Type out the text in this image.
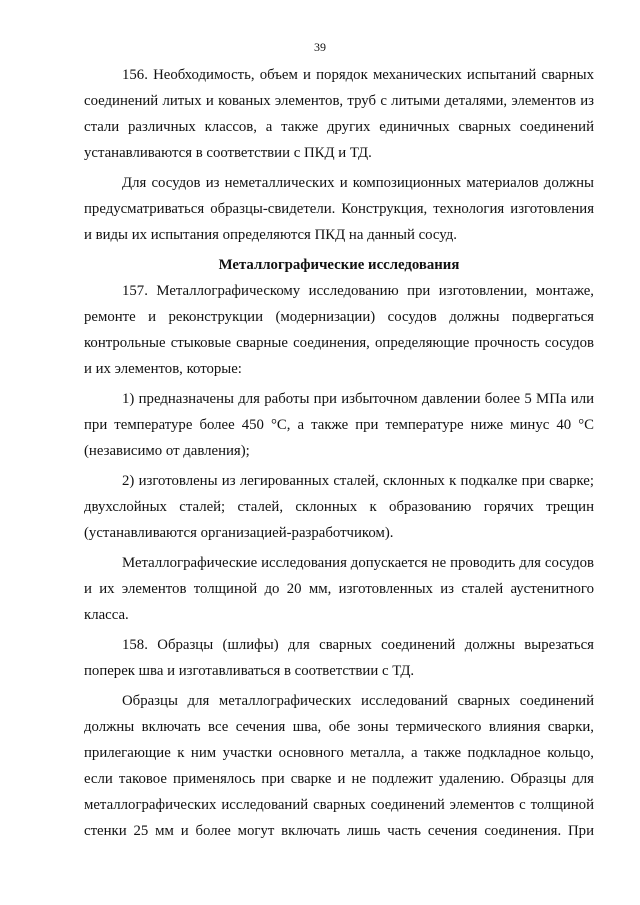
39
156. Необходимость, объем и порядок механических испытаний сварных
соединений литых и кованых элементов, труб с литыми деталями, элементов из
стали различных классов, а также других единичных сварных соединений
устанавливаются в соответствии с ПКД и ТД.
Для сосудов из неметаллических и композиционных материалов должны
предусматриваться образцы-свидетели. Конструкция, технология изготовления
и виды их испытания определяются ПКД на данный сосуд.
Металлографические исследования
157. Металлографическому исследованию при изготовлении, монтаже,
ремонте и реконструкции (модернизации) сосудов должны подвергаться
контрольные стыковые сварные соединения, определяющие прочность сосудов
и их элементов, которые:
1) предназначены для работы при избыточном давлении более 5 МПа или
при температуре более 450 °С, а также при температуре ниже минус 40 °С
(независимо от давления);
2) изготовлены из легированных сталей, склонных к подкалке при сварке;
двухслойных сталей; сталей, склонных к образованию горячих трещин
(устанавливаются организацией-разработчиком).
Металлографические исследования допускается не проводить для сосудов
и их элементов толщиной до 20 мм, изготовленных из сталей аустенитного
класса.
158. Образцы (шлифы) для сварных соединений должны вырезаться
поперек шва и изготавливаться в соответствии с ТД.
Образцы для металлографических исследований сварных соединений
должны включать все сечения шва, обе зоны термического влияния сварки,
прилегающие к ним участки основного металла, а также подкладное кольцо,
если таковое применялось при сварке и не подлежит удалению. Образцы для
металлографических исследований сварных соединений элементов с толщиной
стенки 25 мм и более могут включать лишь часть сечения соединения. При
